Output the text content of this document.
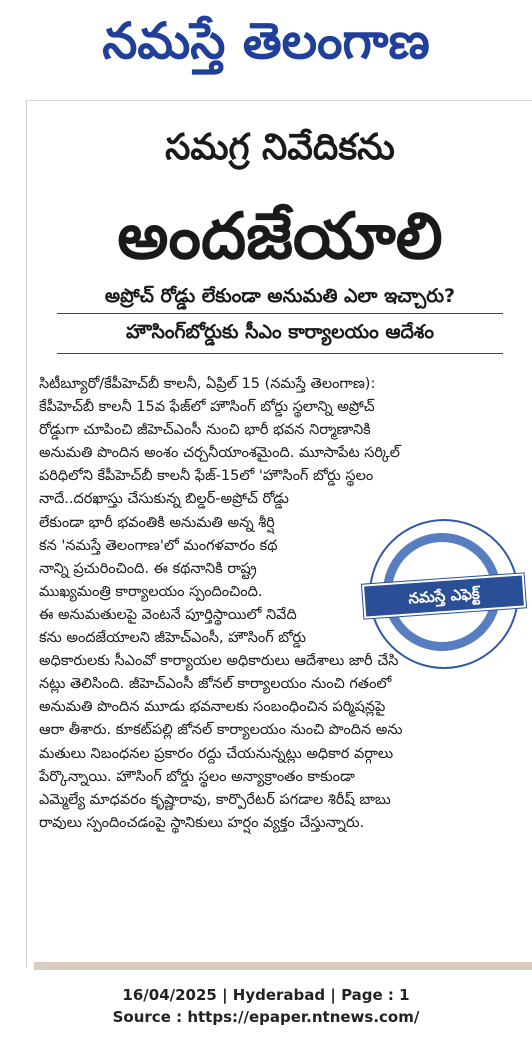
నమస్తే తెలంగాణ
సమగ్ర నివేదికను
అందజేయాలి
అప్రోచ్ రోడ్డు లేకుండా అనుమతి ఎలా ఇచ్చారు?
హౌసింగ్‌బోర్డుకు సీఎం కార్యాలయం ఆదేశం
సిటీబ్యూరో/కేపీహెచ్‌బీ కాలనీ, ఏప్రిల్ 15 (నమస్తే తెలంగాణ):
కేపీహెచ్‌బీ కాలనీ 15వ ఫేజ్‌లో హౌసింగ్ బోర్డు స్థలాన్ని అప్రోచ్
రోడ్డుగా చూపించి జీహెచ్‌ఎంసీ నుంచి భారీ భవన నిర్మాణానికి
అనుమతి పొందిన అంశం చర్చనీయాంశమైంది. మూసాపేట సర్కిల్
పరిధిలోని కేపీహెచ్‌బీ కాలనీ ఫేజ్-15లో 'హౌసింగ్ బోర్డు స్థలం
నాదే..దరఖాస్తు చేసుకున్న బిల్డర్-అప్రోచ్ రోడ్డు
లేకుండా భారీ భవంతికి అనుమతి అన్న శీర్షి
కన 'నమస్తే తెలంగాణ'లో మంగళవారం కథ
నాన్ని ప్రచురించింది. ఈ కథనానికి రాష్ట్ర
ముఖ్యమంత్రి కార్యాలయం స్పందించింది.
ఈ అనుమతులపై వెంటనే పూర్తిస్థాయిలో నివేది
కను అందజేయాలని జీహెచ్‌ఎంసీ, హౌసింగ్ బోర్డు
అధికారులకు సీఎంవో కార్యాయల అధికారులు ఆదేశాలు జారీ చేసి
నట్లు తెలిసింది. జీహెచ్‌ఎంసీ జోనల్ కార్యాలయం నుంచి గతంలో
అనుమతి పొందిన మూడు భవనాలకు సంబంధించిన పర్మిషన్లపై
ఆరా తీశారు. కూకట్‌పల్లి జోనల్ కార్యాలయం నుంచి పొందిన అను
మతులు నిబంధనల ప్రకారం రద్దు చేయనున్నట్లు అధికార వర్గాలు
పేర్కొన్నాయి. హౌసింగ్ బోర్డు స్థలం అన్యాక్రాంతం కాకుండా
ఎమ్మెల్యే మాధవరం కృష్ణారావు, కార్పొరేటర్ పగడాల శిరీష్ బాబు
రావులు స్పందించడంపై స్థానికులు హర్షం వ్యక్తం చేస్తున్నారు.
నమస్తే ఎఫెక్ట్
16/04/2025 | Hyderabad | Page : 1
Source : https://epaper.ntnews.com/
